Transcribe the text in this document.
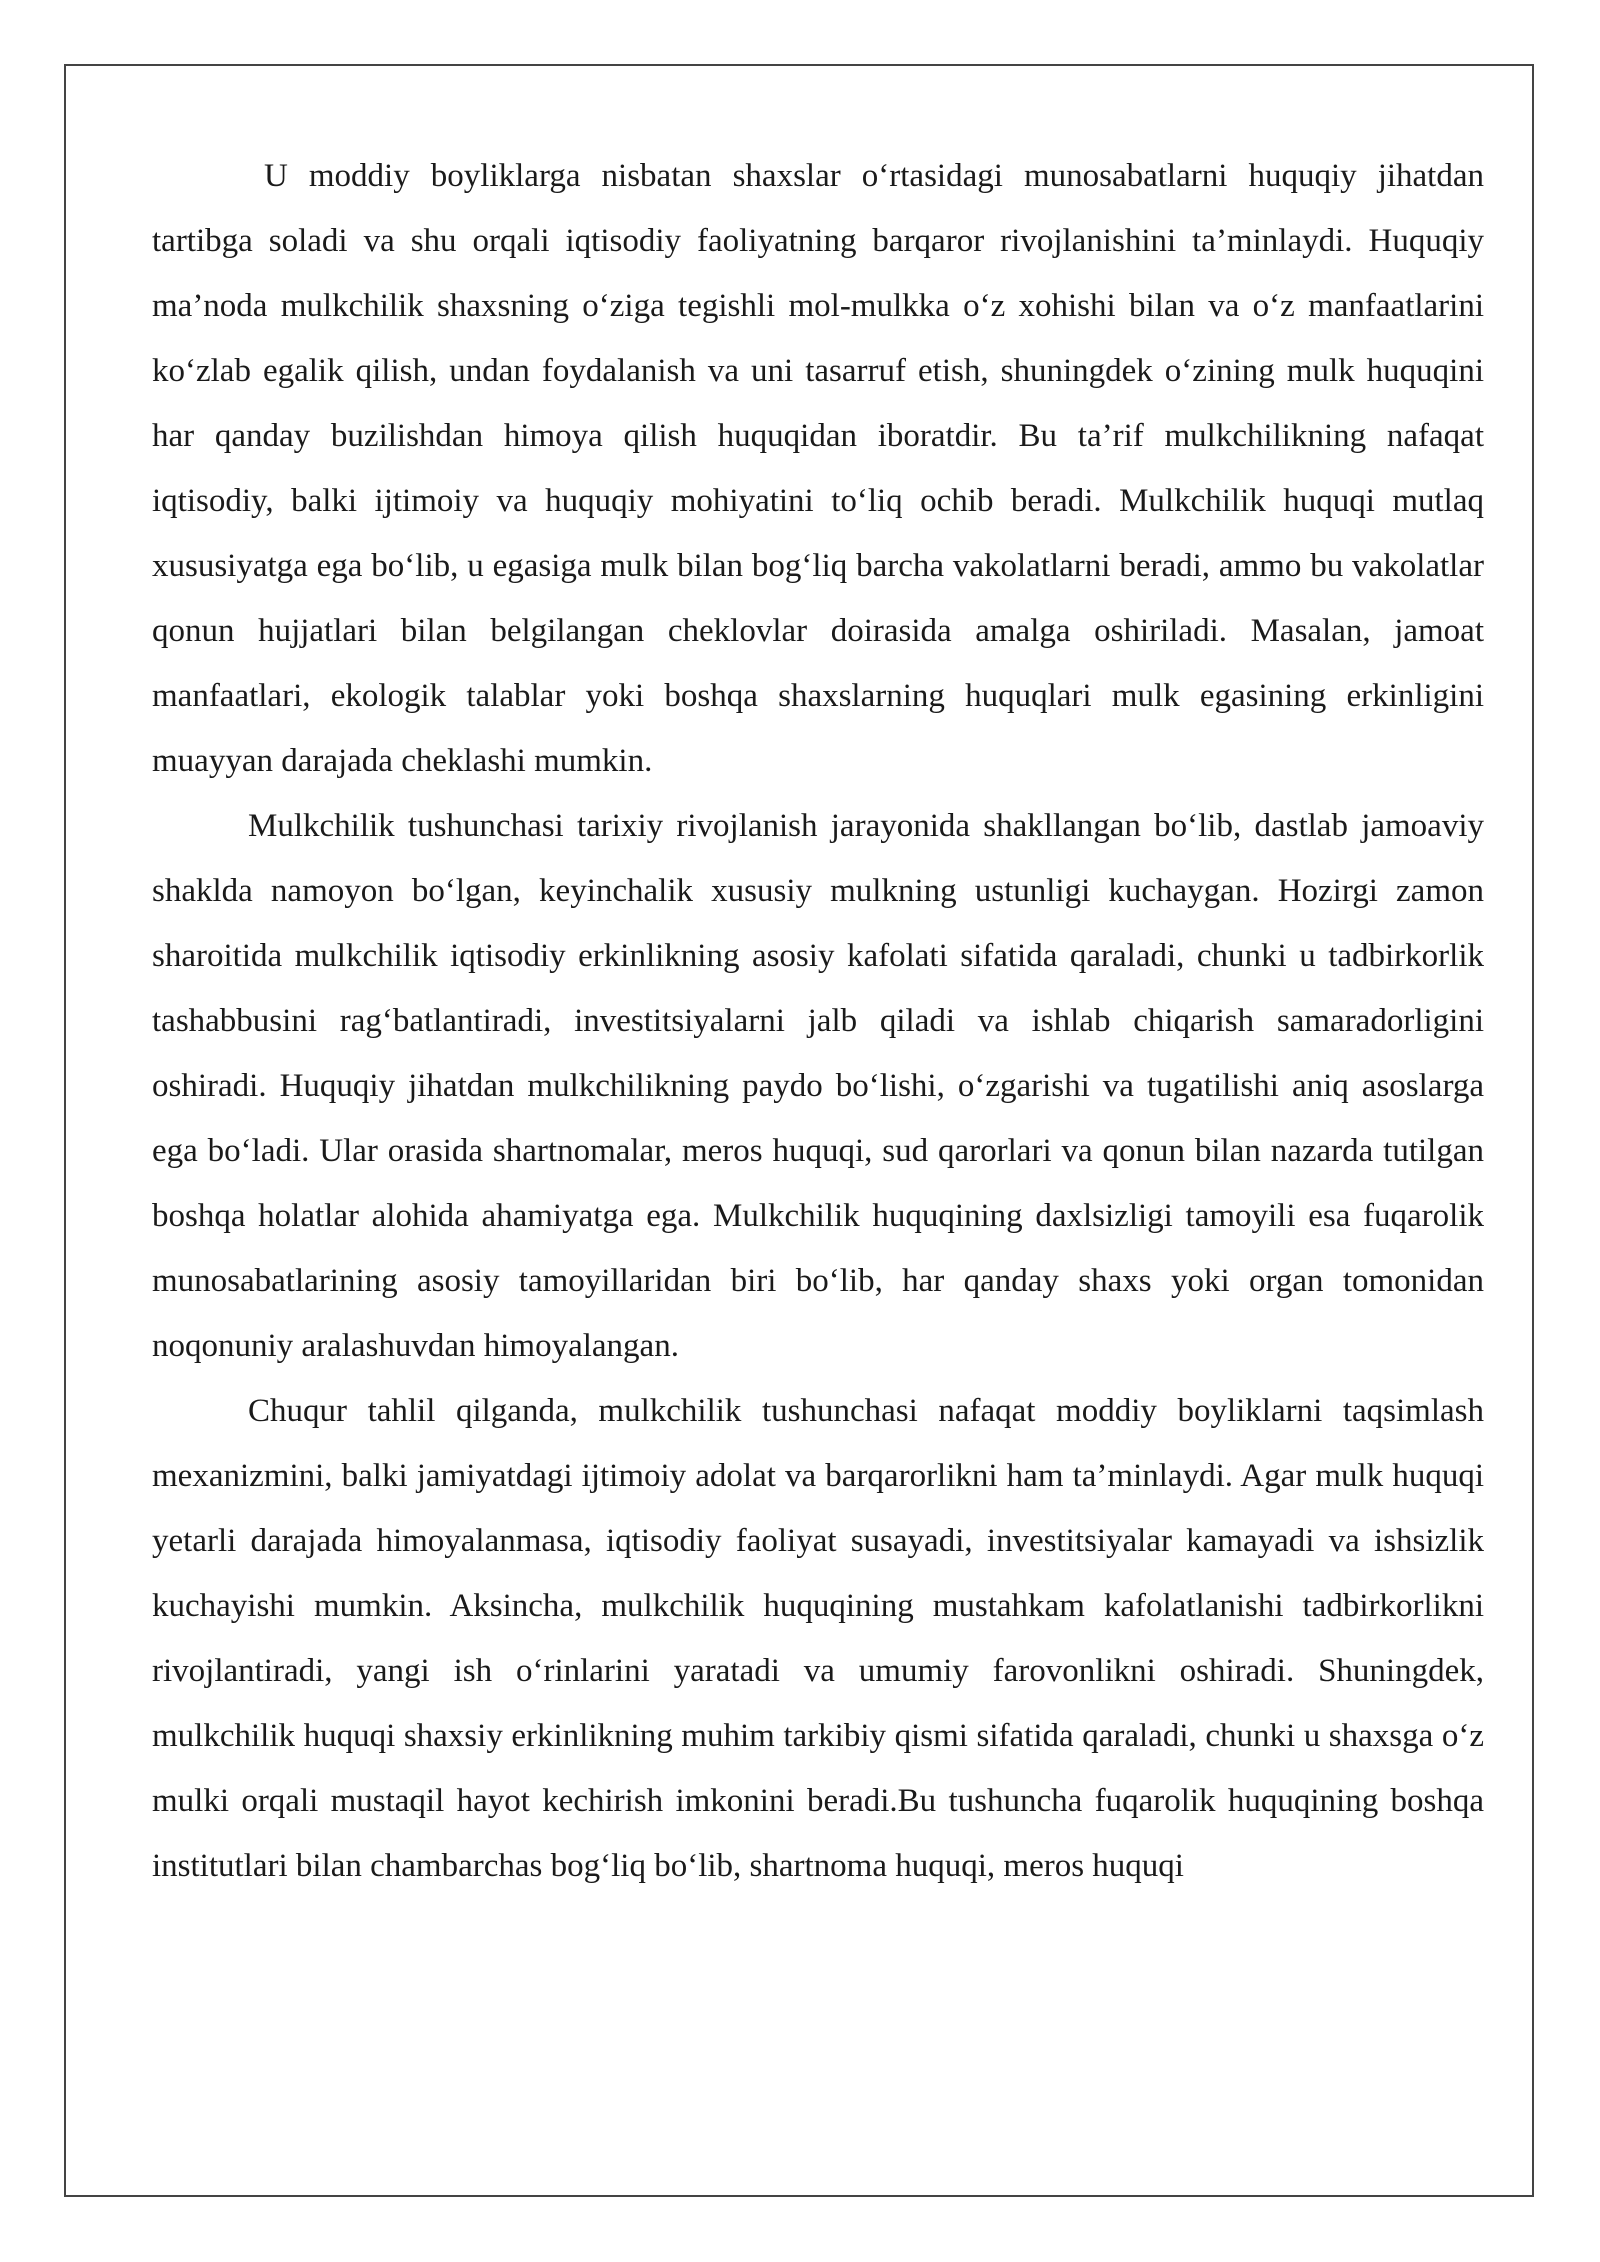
U moddiy boyliklarga nisbatan shaxslar o‘rtasidagi munosabatlarni huquqiy jihatdan tartibga soladi va shu orqali iqtisodiy faoliyatning barqaror rivojlanishini ta’minlaydi. Huquqiy ma’noda mulkchilik shaxsning o‘ziga tegishli mol-mulkka o‘z xohishi bilan va o‘z manfaatlarini ko‘zlab egalik qilish, undan foydalanish va uni tasarruf etish, shuningdek o‘zining mulk huquqini har qanday buzilishdan himoya qilish huquqidan iboratdir. Bu ta’rif mulkchilikning nafaqat iqtisodiy, balki ijtimoiy va huquqiy mohiyatini to‘liq ochib beradi. Mulkchilik huquqi mutlaq xususiyatga ega bo‘lib, u egasiga mulk bilan bog‘liq barcha vakolatlarni beradi, ammo bu vakolatlar qonun hujjatlari bilan belgilangan cheklovlar doirasida amalga oshiriladi. Masalan, jamoat manfaatlari, ekologik talablar yoki boshqa shaxslarning huquqlari mulk egasining erkinligini muayyan darajada cheklashi mumkin.

Mulkchilik tushunchasi tarixiy rivojlanish jarayonida shakllangan bo‘lib, dastlab jamoaviy shaklda namoyon bo‘lgan, keyinchalik xususiy mulkning ustunligi kuchaygan. Hozirgi zamon sharoitida mulkchilik iqtisodiy erkinlikning asosiy kafolati sifatida qaraladi, chunki u tadbirkorlik tashabbusini rag‘batlantiradi, investitsiyalarni jalb qiladi va ishlab chiqarish samaradorligini oshiradi. Huquqiy jihatdan mulkchilikning paydo bo‘lishi, o‘zgarishi va tugatilishi aniq asoslarga ega bo‘ladi. Ular orasida shartnomalar, meros huquqi, sud qarorlari va qonun bilan nazarda tutilgan boshqa holatlar alohida ahamiyatga ega. Mulkchilik huquqining daxlsizligi tamoyili esa fuqarolik munosabatlarining asosiy tamoyillaridan biri bo‘lib, har qanday shaxs yoki organ tomonidan noqonuniy aralashuvdan himoyalangan.

Chuqur tahlil qilganda, mulkchilik tushunchasi nafaqat moddiy boyliklarni taqsimlash mexanizmini, balki jamiyatdagi ijtimoiy adolat va barqarorlikni ham ta’minlaydi. Agar mulk huquqi yetarli darajada himoyalanmasa, iqtisodiy faoliyat susayadi, investitsiyalar kamayadi va ishsizlik kuchayishi mumkin. Aksincha, mulkchilik huquqining mustahkam kafolatlanishi tadbirkorlikni rivojlantiradi, yangi ish o‘rinlarini yaratadi va umumiy farovonlikni oshiradi. Shuningdek, mulkchilik huquqi shaxsiy erkinlikning muhim tarkibiy qismi sifatida qaraladi, chunki u shaxsga o‘z mulki orqali mustaqil hayot kechirish imkonini beradi.Bu tushuncha fuqarolik huquqining boshqa institutlari bilan chambarchas bog‘liq bo‘lib, shartnoma huquqi, meros huquqi
